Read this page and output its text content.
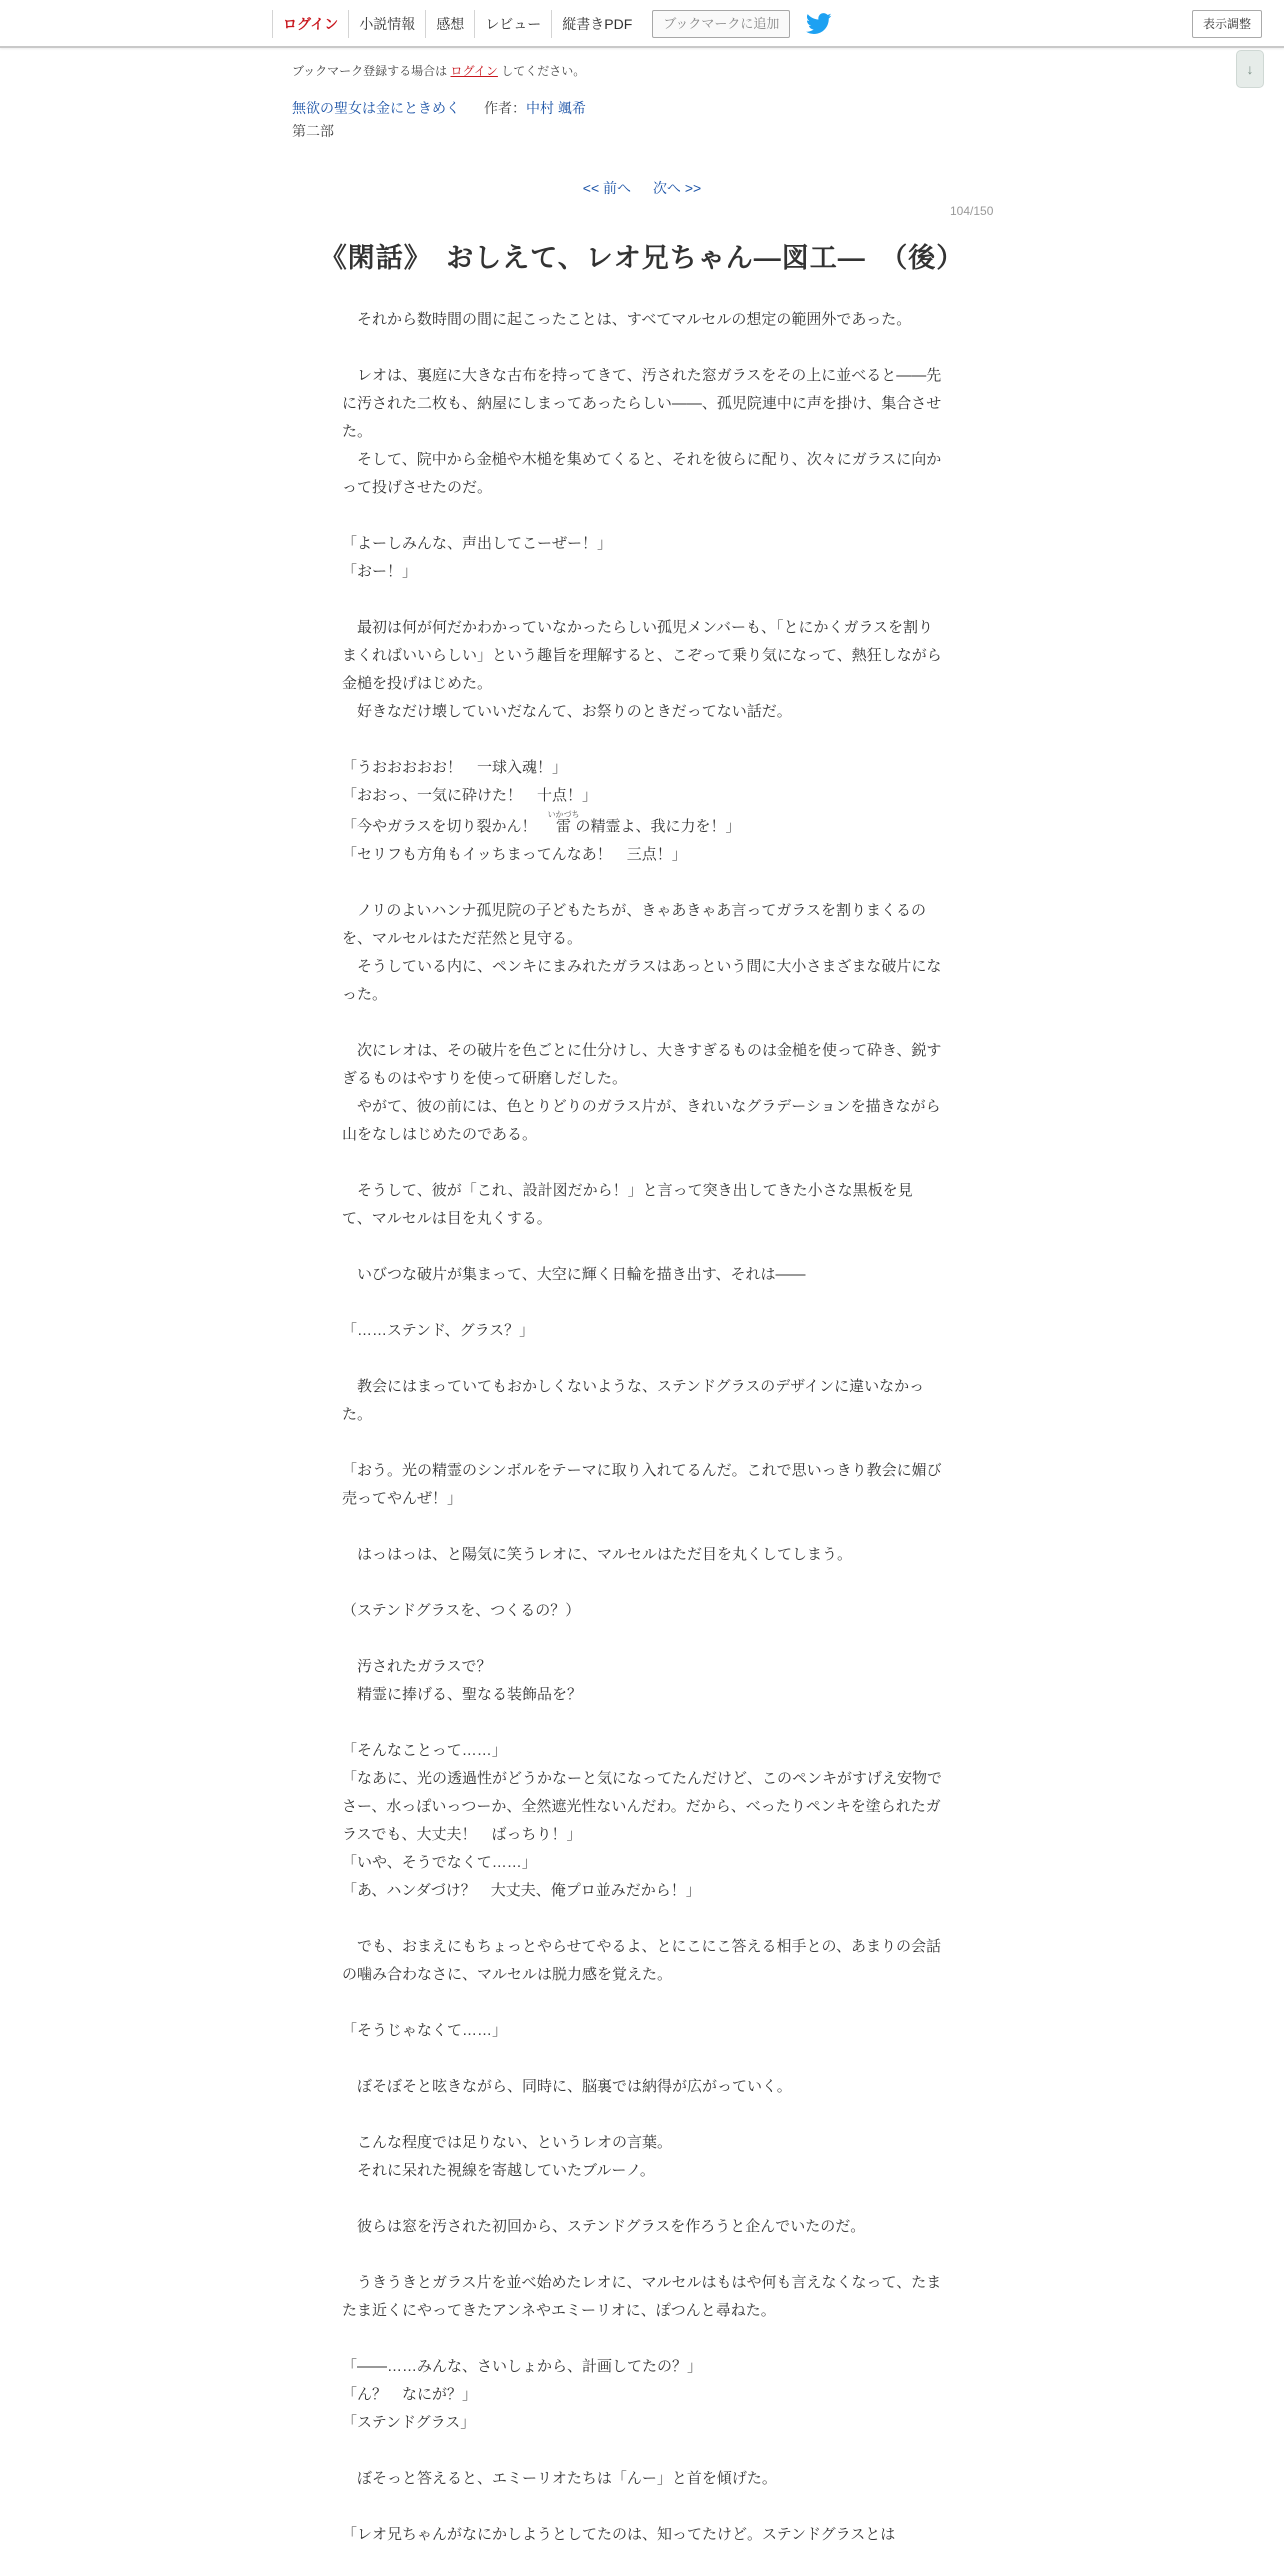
ログイン	小説情報	感想	レビュー	縦書きPDF	ブックマークに追加	表示調整
↓
ブックマーク登録する場合は ログイン してください。
無欲の聖女は金にときめく 作者： 中村 颯希
第二部
<< 前へ 次へ >>
104/150
《閑話》　おしえて、レオ兄ちゃん―図工―　（後）

　それから数時間の間に起こったことは、すべてマルセルの想定の範囲外であった。

　レオは、裏庭に大きな古布を持ってきて、汚された窓ガラスをその上に並べると――先に汚された二枚も、納屋にしまってあったらしい――、孤児院連中に声を掛け、集合させた。

　そして、院中から金槌や木槌を集めてくると、それを彼らに配り、次々にガラスに向かって投げさせたのだ。

「よーしみんな、声出してこーぜー！」

「おー！」

　最初は何が何だかわかっていなかったらしい孤児メンバーも、「とにかくガラスを割りまくればいいらしい」という趣旨を理解すると、こぞって乗り気になって、熱狂しながら金槌を投げはじめた。

　好きなだけ壊していいだなんて、お祭りのときだってない話だ。

「うおおおおお！　一球入魂！」

「おおっ、一気に砕けた！　十点！」

「今やガラスを切り裂かん！　雷いかづちの精霊よ、我に力を！」

「セリフも方角もイッちまってんなあ！　三点！」

　ノリのよいハンナ孤児院の子どもたちが、きゃあきゃあ言ってガラスを割りまくるのを、マルセルはただ茫然と見守る。

　そうしている内に、ペンキにまみれたガラスはあっという間に大小さまざまな破片になった。

　次にレオは、その破片を色ごとに仕分けし、大きすぎるものは金槌を使って砕き、鋭すぎるものはやすりを使って研磨しだした。

　やがて、彼の前には、色とりどりのガラス片が、きれいなグラデーションを描きながら山をなしはじめたのである。

　そうして、彼が「これ、設計図だから！」と言って突き出してきた小さな黒板を見て、マルセルは目を丸くする。

　いびつな破片が集まって、大空に輝く日輪を描き出す、それは――

「……ステンド、グラス？」

　教会にはまっていてもおかしくないような、ステンドグラスのデザインに違いなかった。

「おう。光の精霊のシンボルをテーマに取り入れてるんだ。これで思いっきり教会に媚び売ってやんぜ！」

　はっはっは、と陽気に笑うレオに、マルセルはただ目を丸くしてしまう。

（ステンドグラスを、つくるの？）

　汚されたガラスで？

　精霊に捧げる、聖なる装飾品を？

「そんなことって……」

「なあに、光の透過性がどうかなーと気になってたんだけど、このペンキがすげえ安物でさー、水っぽいっつーか、全然遮光性ないんだわ。だから、べったりペンキを塗られたガラスでも、大丈夫！　ばっちり！」

「いや、そうでなくて……」

「あ、ハンダづけ？　大丈夫、俺プロ並みだから！」

　でも、おまえにもちょっとやらせてやるよ、とにこにこ答える相手との、あまりの会話の噛み合わなさに、マルセルは脱力感を覚えた。

「そうじゃなくて……」

　ぼそぼそと呟きながら、同時に、脳裏では納得が広がっていく。

　こんな程度では足りない、というレオの言葉。

　それに呆れた視線を寄越していたブルーノ。

　彼らは窓を汚された初回から、ステンドグラスを作ろうと企んでいたのだ。

　うきうきとガラス片を並べ始めたレオに、マルセルはもはや何も言えなくなって、たまたま近くにやってきたアンネやエミーリオに、ぽつんと尋ねた。

「――……みんな、さいしょから、計画してたの？」

「ん？　なにが？」

「ステンドグラス」

　ぼそっと答えると、エミーリオたちは「んー」と首を傾げた。

「レオ兄ちゃんがなにかしようとしてたのは、知ってたけど。ステンドグラスとは
